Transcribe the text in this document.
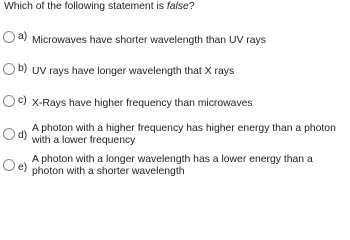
Which of the following statement is false?
a) Microwaves have shorter wavelength than UV rays
b) UV rays have longer wavelength that X rays
c) X-Rays have higher frequency than microwaves
d)
A photon with a higher frequency has higher energy than a photon with a lower frequency
e)
A photon with a longer wavelength has a lower energy than a photon with a shorter wavelength
